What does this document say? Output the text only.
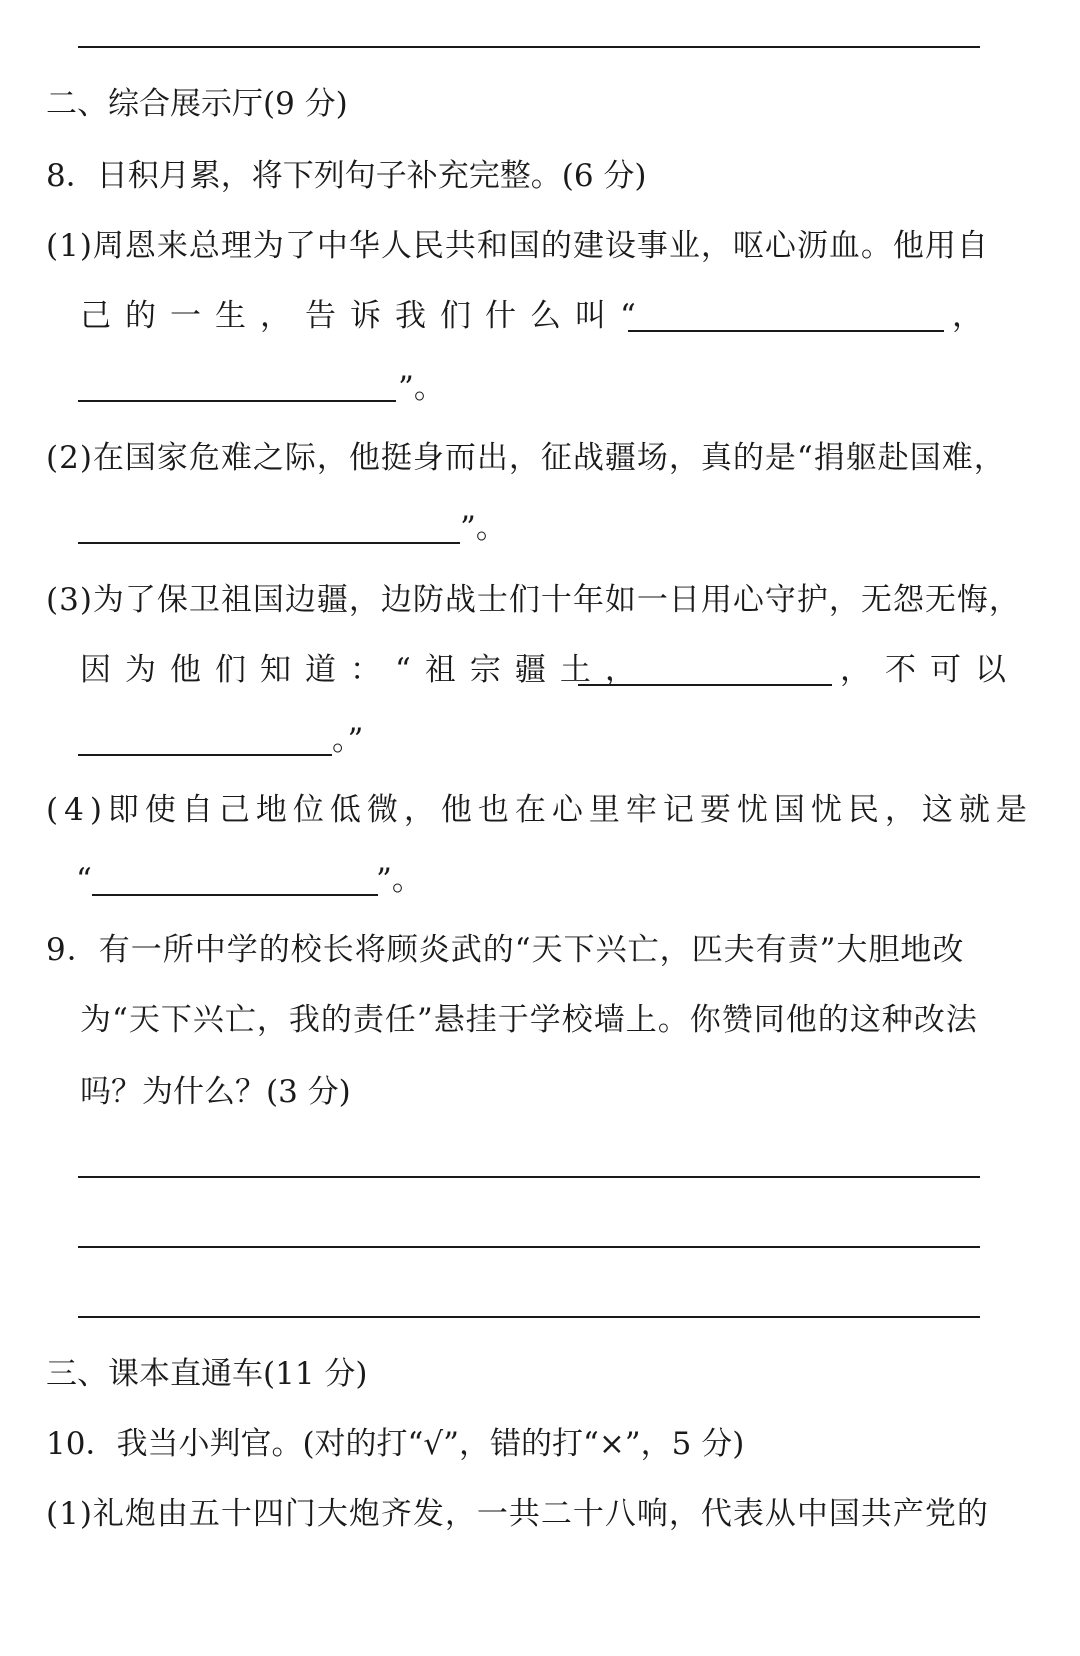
二、综合展示厅(9 分)
8．日积月累，将下列句子补充完整。(6 分)
(1)周恩来总理为了中华人民共和国的建设事业，呕心沥血。他用自
己的一生，告诉我们什么叫“	，
”。
(2)在国家危难之际，他挺身而出，征战疆场，真的是“捐躯赴国难，
”。
(3)为了保卫祖国边疆，边防战士们十年如一日用心守护，无怨无悔，
因为他们知道：“祖宗疆土，	，不可以
。”
(4)即使自己地位低微，他也在心里牢记要忧国忧民，这就是
“	”。
9．有一所中学的校长将顾炎武的“天下兴亡，匹夫有责”大胆地改
为“天下兴亡，我的责任”悬挂于学校墙上。你赞同他的这种改法
吗？为什么？(3 分)
三、课本直通车(11 分)
10．我当小判官。(对的打“√”，错的打“×”，5 分)
(1)礼炮由五十四门大炮齐发，一共二十八响，代表从中国共产党的
